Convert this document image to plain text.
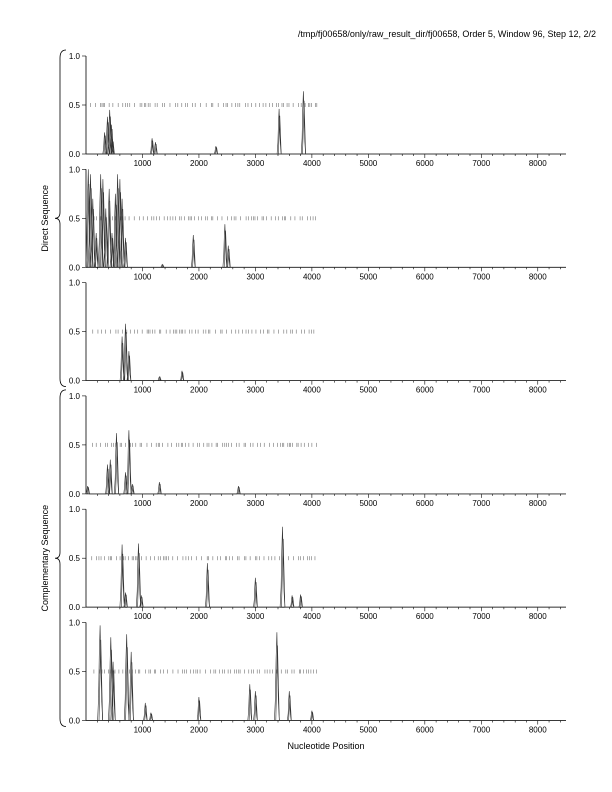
/tmp/fj00658/only/raw_result_dir/fj00658, Order 5, Window 96, Step 12, 2/2
0.0
0.5
1.0
1000	2000	3000	4000	5000	6000	7000	8000
0.0
0.5
1.0
1000	2000	3000	4000	5000	6000	7000	8000
0.0
0.5
1.0
1000	2000	3000	4000	5000	6000	7000	8000
0.0
0.5
1.0
1000	2000	3000	4000	5000	6000	7000	8000
0.0
0.5
1.0
1000	2000	3000	4000	5000	6000	7000	8000
0.0
0.5
1.0
1000	2000	3000	4000	5000	6000	7000	8000
Direct Sequence
Complementary Sequence
Nucleotide Position
